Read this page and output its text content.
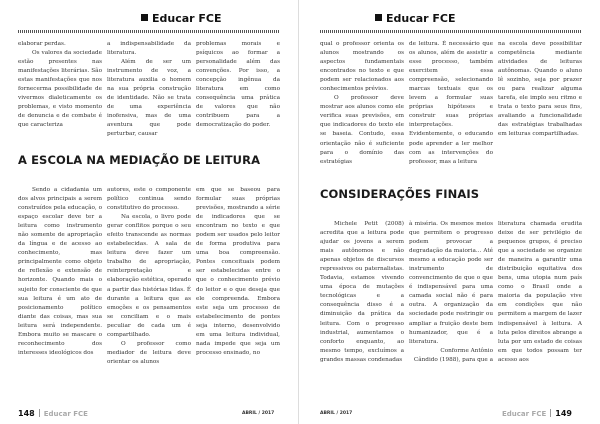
Educar FCE

elaborar perdas.

Os valores da sociedade estão presentes nas manifestações literárias. São estas manifestações que nos fornecerma possibilidade de vivermos dialeticamente os problemas, e visto momento de denuncia e de combate é que caracteriza

a indispensabilidade da literatura.

Além de ser um instrumento de voz, a literatura auxilia o homem na sua própria construção de identidade. Não se trata de uma experiência inofensiva, mas de uma aventura que pode perturbar, causar

problemas morais e psíquicos ao formar a personalidade além das convenções. Por isso, a concepção ingênua da literatura em como consequência uma prática de valores que não contribuem para a democratização do poder.

A ESCOLA NA MEDIAÇÃO DE LEITURA

Sendo a cidadania um dos alvos principais a serem construídos pela educação, o espaço escolar deve ter a leitura como instrumento não somente de apropriação da língua e de acesso ao conhecimento, mas principalmente como objeto de reflexão e extensão de horizonte. Quando mais o sujeito for consciente de que sua leitura é um ato de posicionamento político diante das coisas, mas sua leitura será independente. Embora muito se mascare o reconhecimento dos interesses ideológicos dos

autores, este o componente político continua sendo constitutivo do processo.

Na escola, o livro pode gerar conflitos porque o seu efeito transcende as normas estabelecidas. A sala de leitura deve fazer um trabalho de apropriação, reinterpretação e elaboração estética, operado a partir das histórias lidas. É durante a leitura que as emoções e os pensamentos se conciliam e o mais peculiar de cada um é compartilhado.

O professor como mediador de leitura deve orientar os alunos

em que se baseou para formular suas próprias previsões, mostrando a série de indicadores que se encontram no texto e que podem ser usados pelo leitor de forma produtiva para uma boa compreensão. Pontes conceituais podem ser estabelecidas entre o que o conhecimento prévio do leitor e o que deseja que ele compreenda. Embora este seja um processo de estabelecimento de pontes seja interno, desenvolvido em uma leitura individual, nada impede que seja um processo ensinado, no

148 Educar FCE	ABRIL / 2017
Educar FCE

qual o professor orienta os alunos mostrando os aspectos fundamentais encontrados no texto e que podem ser relacionados aos conhecimentos prévios.

O professor deve mostrar aos alunos como ele verifica suas previsões, em que indicadores do texto ele se baseia. Contudo, essa orientação não é suficiente para o domínio das estratégias

de leitura. É necessário que os alunos, além de assistir a esse processo, também exercitem essa compreensão, selecionando marcas textuais que os levem a formular suas próprias hipóteses e construir suas próprias interpretações. Evidentemente, o educando pode aprender a ler melhor com as intervenções do professor, mas a leitura

na escola deve possibilitar competência mediante atividades de leituras autônomas. Quando o aluno lê sozinho, seja por prazer ou para realizar alguma tarefa, ele implo seu ritmo e trata o texto para seus fins, avaliando a funcionalidade das estratégias trabalhadas em leituras compartilhadas.

CONSIDERAÇÕES FINAIS

Michele Petit (2008) acredita que a leitura pode ajudar os jovens a serem mais autônomos e não apenas objetos de discursos repressivos ou paternalistas. Todavia, estamos vivendo uma época de mutações tecnológicas e a consequência disso é a diminuição da prática da leitura. Com o progresso industrial, aumentamos o conforto enquanto, ao mesmo tempo, excluímos a grandes massas condenadas

à miséria. Os mesmos meios que permitem o progresso podem provocar a degradação da maioria... Até mesmo a educação pode ser instrumento de convencimento de que o que é indispensável para uma camada social não é para outra. A organização da sociedade pode restringir ou ampliar a fruição deste bem humanizador, que é a literatura.

Conforme Antônio Cândido (1988), para que a

literatura chamada erudita deixe de ser privilégio de pequenos grupos, é preciso que a sociedade se organize de maneira a garantir uma distribuição equitativa dos bens, uma utopia num país como o Brasil onde a maioria da população vive em condições que não permitem a margem de lazer indispensável à leitura. A luta pelos direitos abrange a luta por um estado de coisas em que todos possam ter acesso aos

ABRIL / 2017	Educar FCE 149
